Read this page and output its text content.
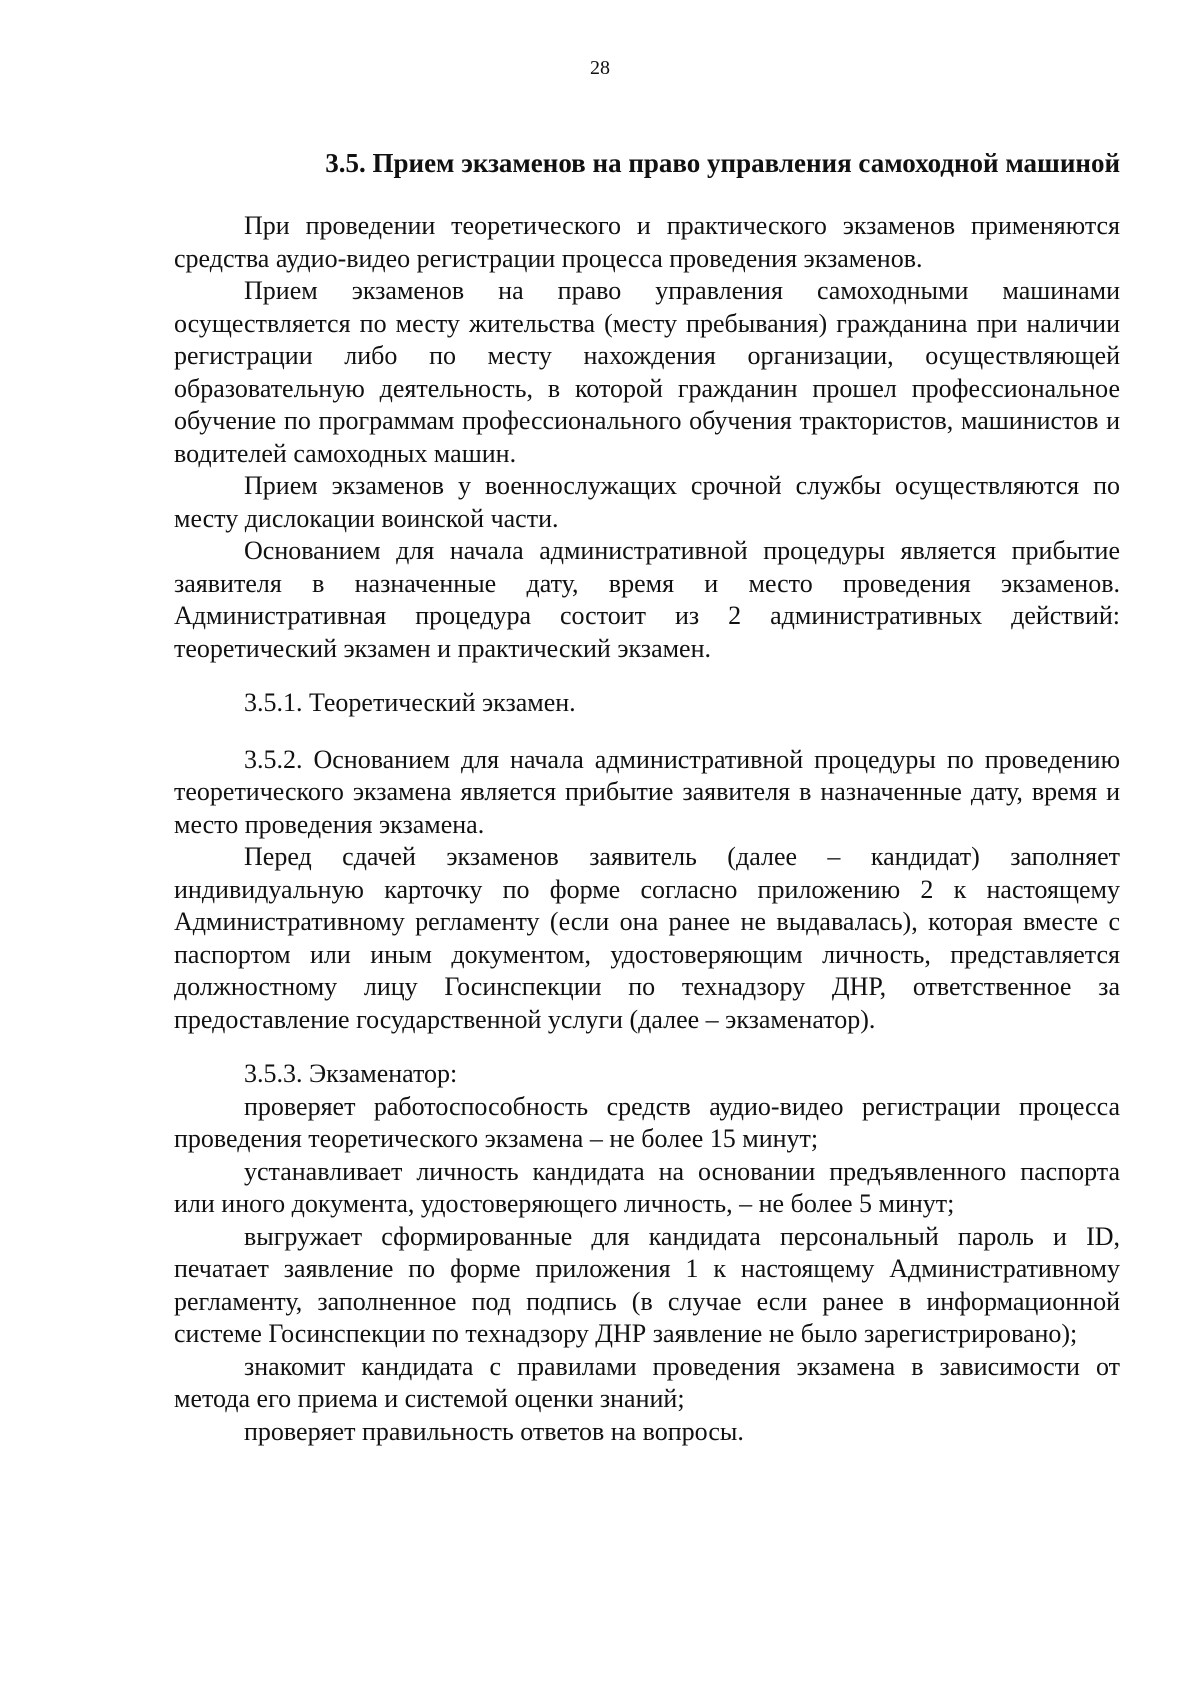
28
3.5. Прием экзаменов на право управления самоходной машиной

При проведении теоретического и практического экзаменов применяются средства аудио-видео регистрации процесса проведения экзаменов.

Прием экзаменов на право управления самоходными машинами осуществляется по месту жительства (месту пребывания) гражданина при наличии регистрации либо по месту нахождения организации, осуществляющей образовательную деятельность, в которой гражданин прошел профессиональное обучение по программам профессионального обучения трактористов, машинистов и водителей самоходных машин.

Прием экзаменов у военнослужащих срочной службы осуществляются по месту дислокации воинской части.

Основанием для начала административной процедуры является прибытие заявителя в назначенные дату, время и место проведения экзаменов. Административная процедура состоит из 2 административных действий: теоретический экзамен и практический экзамен.

3.5.1. Теоретический экзамен.

3.5.2. Основанием для начала административной процедуры по проведению теоретического экзамена является прибытие заявителя в назначенные дату, время и место проведения экзамена.

Перед сдачей экзаменов заявитель (далее – кандидат) заполняет индивидуальную карточку по форме согласно приложению 2 к настоящему Административному регламенту (если она ранее не выдавалась), которая вместе с паспортом или иным документом, удостоверяющим личность, представляется должностному лицу Госинспекции по технадзору ДНР, ответственное за предоставление государственной услуги (далее – экзаменатор).

3.5.3. Экзаменатор:

проверяет работоспособность средств аудио-видео регистрации процесса проведения теоретического экзамена – не более 15 минут;

устанавливает личность кандидата на основании предъявленного паспорта или иного документа, удостоверяющего личность, – не более 5 минут;

выгружает сформированные для кандидата персональный пароль и ID, печатает заявление по форме приложения 1 к настоящему Административному регламенту, заполненное под подпись (в случае если ранее в информационной системе Госинспекции по технадзору ДНР заявление не было зарегистрировано);

знакомит кандидата с правилами проведения экзамена в зависимости от метода его приема и системой оценки знаний;

проверяет правильность ответов на вопросы.
